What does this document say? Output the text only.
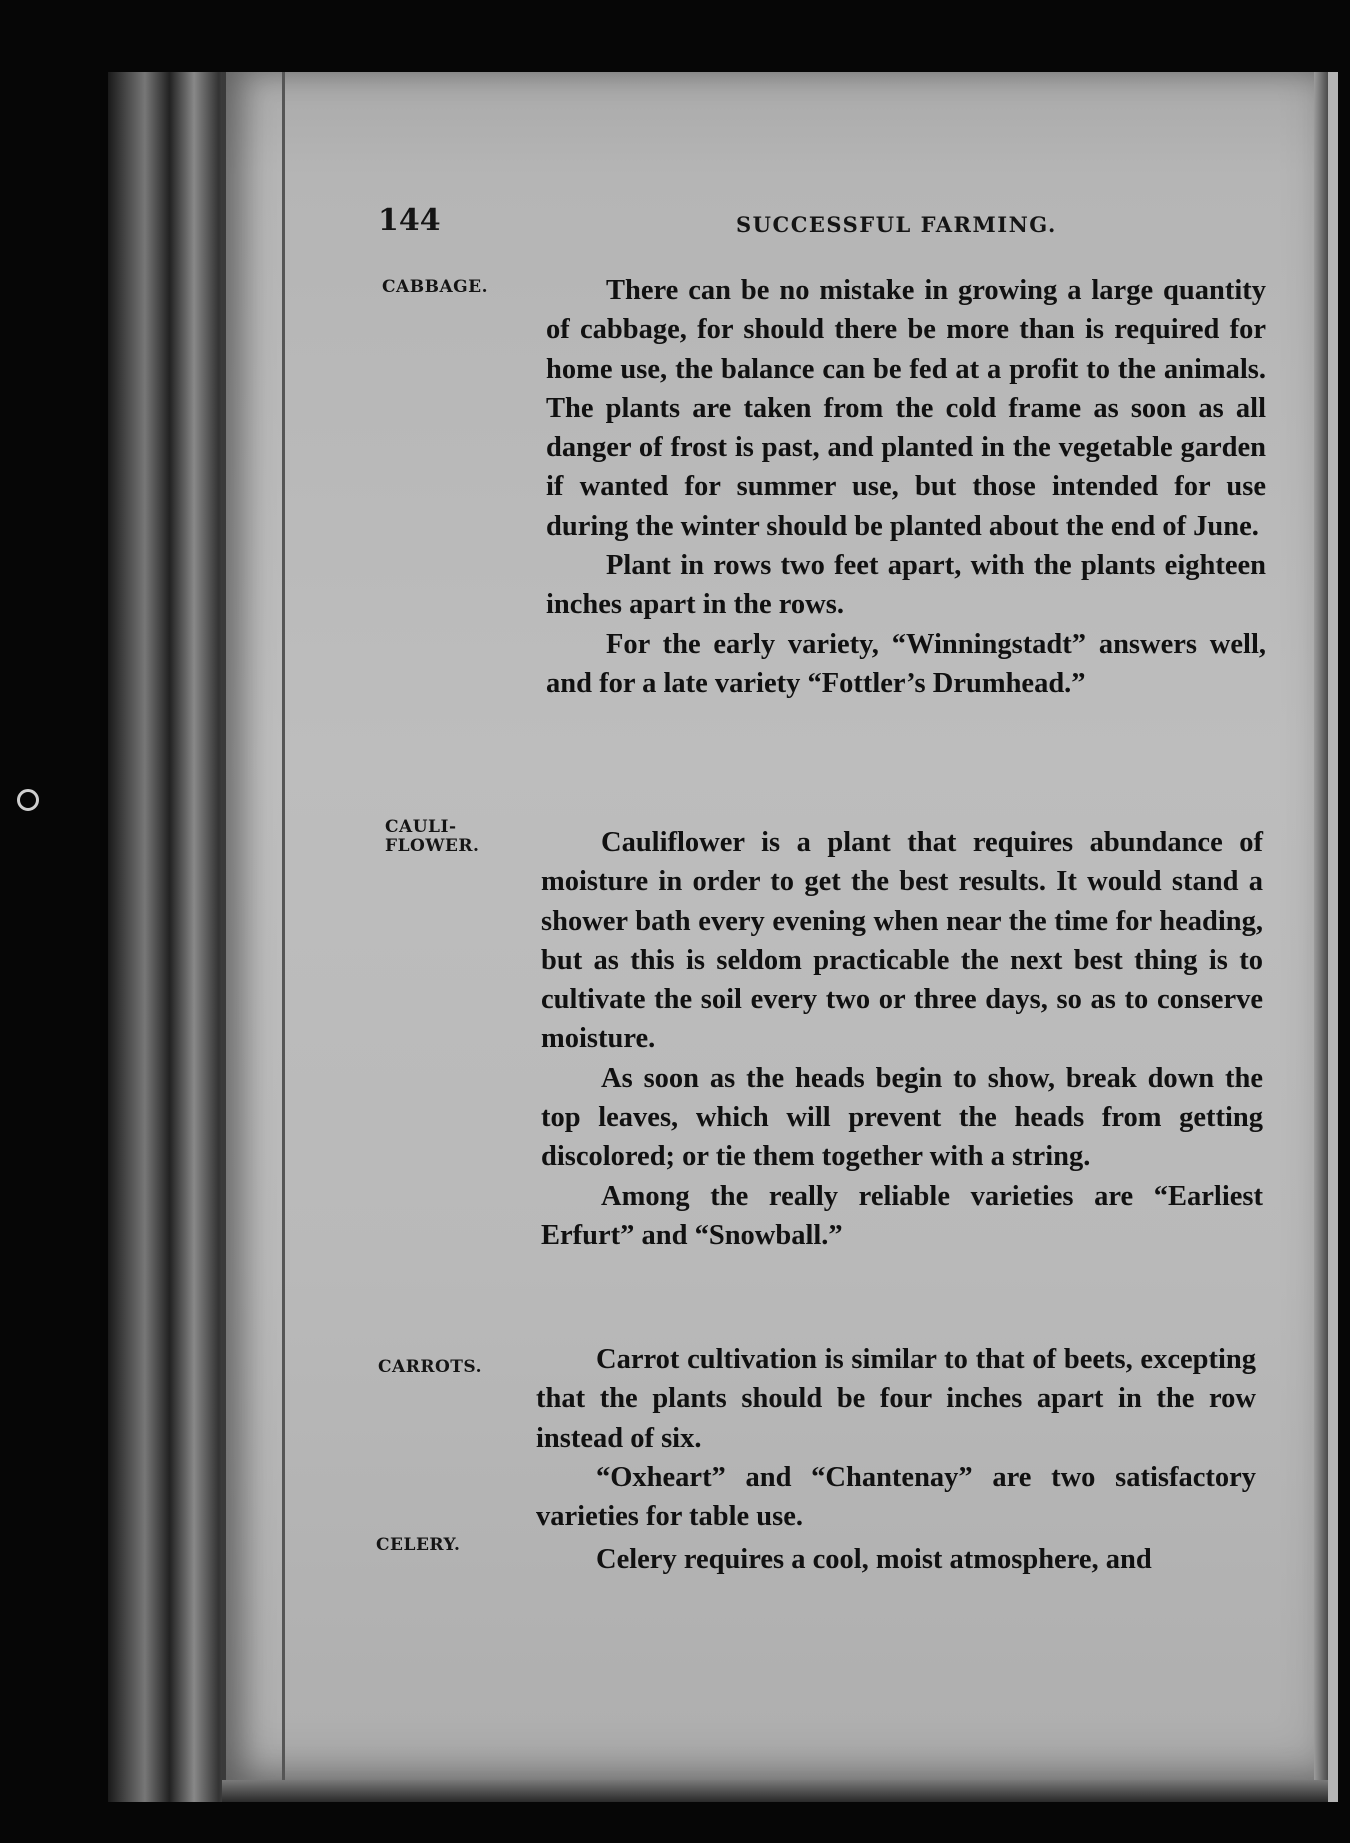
144	SUCCESSFUL FARMING.
CABBAGE.
CAULI-
FLOWER.
CARROTS.
CELERY.

There can be no mistake in growing a large quantity of cabbage, for should there be more than is required for home use, the balance can be fed at a profit to the animals. The plants are taken from the cold frame as soon as all danger of frost is past, and planted in the vegetable garden if wanted for summer use, but those intended for use during the winter should be planted about the end of June.

Plant in rows two feet apart, with the plants eighteen inches apart in the rows.

For the early variety, “Winningstadt” answers well, and for a late variety “Fottler’s Drumhead.”

Cauliflower is a plant that requires abundance of moisture in order to get the best results. It would stand a shower bath every evening when near the time for heading, but as this is seldom practicable the next best thing is to cultivate the soil every two or three days, so as to conserve moisture.

As soon as the heads begin to show, break down the top leaves, which will prevent the heads from getting discolored; or tie them together with a string.

Among the really reliable varieties are “Earliest Erfurt” and “Snowball.”

Carrot cultivation is similar to that of beets, excepting that the plants should be four inches apart in the row instead of six.

“Oxheart” and “Chantenay” are two satisfactory varieties for table use.

Celery requires a cool, moist atmosphere, and
